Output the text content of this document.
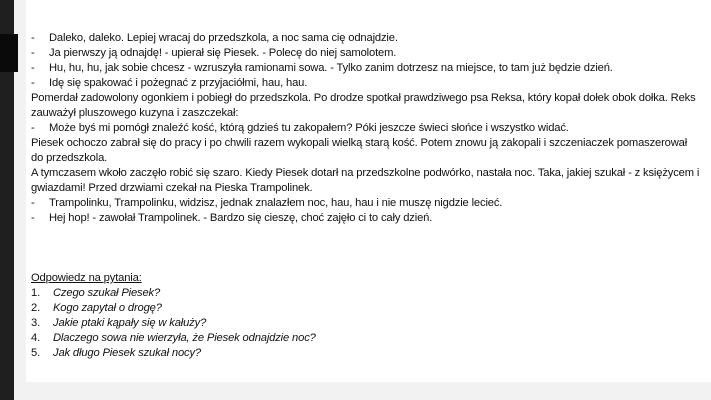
- Daleko, daleko. Lepiej wracaj do przedszkola, a noc sama cię odnajdzie.
- Ja pierwszy ją odnajdę! - upierał się Piesek. - Polecę do niej samolotem.
- Hu, hu, hu, jak sobie chcesz - wzruszyła ramionami sowa. - Tylko zanim dotrzesz na miejsce, to tam już będzie dzień.
- Idę się spakować i pożegnać z przyjaciółmi, hau, hau.
Pomerdał zadowolony ogonkiem i pobiegł do przedszkola. Po drodze spotkał prawdziwego psa Reksa, który kopał dołek obok dołka. Reks zauważył pluszowego kuzyna i zaszczekał:
- Może byś mi pomógł znaleźć kość, którą gdzieś tu zakopałem? Póki jeszcze świeci słońce i wszystko widać.
Piesek ochoczo zabrał się do pracy i po chwili razem wykopali wielką starą kość. Potem znowu ją zakopali i szczeniaczek pomaszerował do przedszkola.
A tymczasem wkoło zaczęło robić się szaro. Kiedy Piesek dotarł na przedszkolne podwórko, nastała noc. Taka, jakiej szukał - z księżycem i gwiazdami! Przed drzwiami czekał na Pieska Trampolinek.
- Trampolinku, Trampolinku, widzisz, jednak znalazłem noc, hau, hau i nie muszę nigdzie lecieć.
- Hej hop! - zawołał Trampolinek. - Bardzo się cieszę, choć zajęło ci to cały dzień.
Odpowiedz na pytania:
1. Czego szukał Piesek?
2. Kogo zapytał o drogę?
3. Jakie ptaki kąpały się w kałuży?
4. Dlaczego sowa nie wierzyła, że Piesek odnajdzie noc?
5. Jak długo Piesek szukał nocy?
